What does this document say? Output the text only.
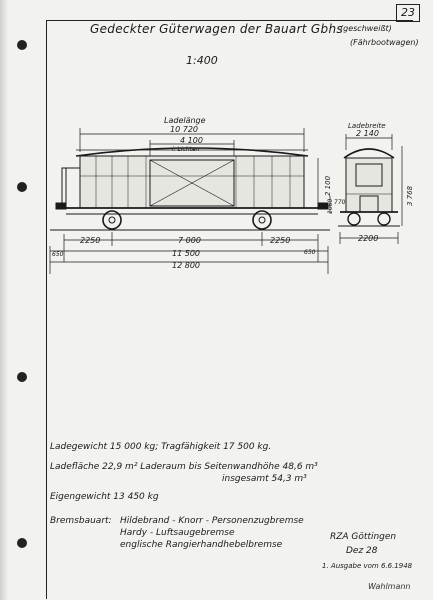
23
Gedeckter Güterwagen der Bauart Gbhs
(geschweißt)
(Fährbootwagen)
1:400
Ladelänge
10 720
4 100
i. Lichten
Ladebreite
2 140
2 100
1060 770	3 768
2250	7 000	2250
650	650
11 500
12 800
2200
Ladegewicht 15 000 kg; Tragfähigkeit 17 500 kg.
Ladefläche 22,9 m² Laderaum bis Seitenwandhöhe 48,6 m³
insgesamt 54,3 m³
Eigengewicht 13 450 kg
Bremsbauart: Hildebrand - Knorr - Personenzugbremse
Hardy - Luftsaugebremse
englische Rangierhandhebelbremse
RZA Göttingen
Dez 28
1. Ausgabe vom 6.6.1948
Wahlmann
